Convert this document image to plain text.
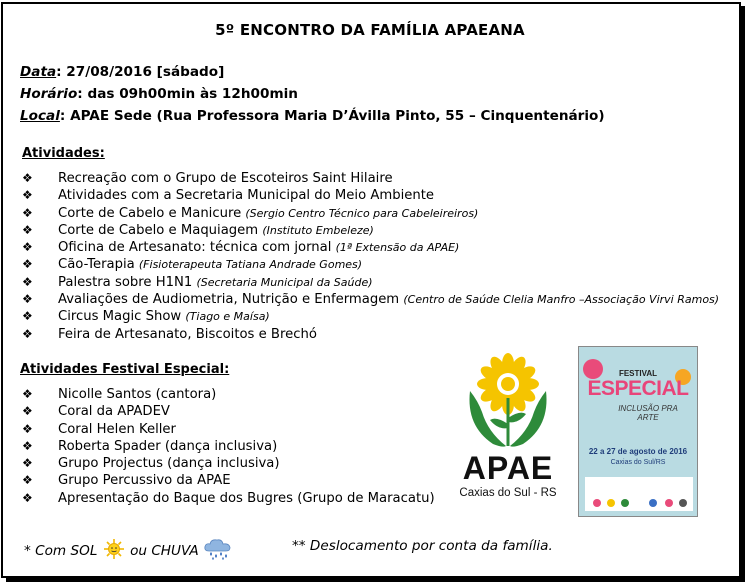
5º ENCONTRO DA FAMÍLIA APAEANA
Data: 27/08/2016 [sábado]
Horário: das 09h00min às 12h00min
Local: APAE Sede (Rua Professora Maria D’Ávilla Pinto, 55 – Cinquentenário)
Atividades:
❖ Recreação com o Grupo de Escoteiros Saint Hilaire
❖ Atividades com a Secretaria Municipal do Meio Ambiente
❖ Corte de Cabelo e Manicure (Sergio Centro Técnico para Cabeleireiros)
❖ Corte de Cabelo e Maquiagem (Instituto Embeleze)
❖ Oficina de Artesanato: técnica com jornal (1ª Extensão da APAE)
❖ Cão-Terapia (Fisioterapeuta Tatiana Andrade Gomes)
❖ Palestra sobre H1N1 (Secretaria Municipal da Saúde)
❖ Avaliações de Audiometria, Nutrição e Enfermagem (Centro de Saúde Clelia Manfro –Associação Virvi Ramos)
❖ Circus Magic Show (Tiago e Maísa)
❖ Feira de Artesanato, Biscoitos e Brechó
Atividades Festival Especial:
❖ Nicolle Santos (cantora)
❖ Coral da APADEV
❖ Coral Helen Keller
❖ Roberta Spader (dança inclusiva)
❖ Grupo Projectus (dança inclusiva)
❖ Grupo Percussivo da APAE
❖ Apresentação do Baque dos Bugres (Grupo de Maracatu)
APAE
Caxias do Sul - RS
FESTIVAL
ESPECIAL
INCLUSÃO PRA ARTE
22 a 27 de agosto de 2016
Caxias do Sul/RS
* Com SOL ou CHUVA	** Deslocamento por conta da família.
